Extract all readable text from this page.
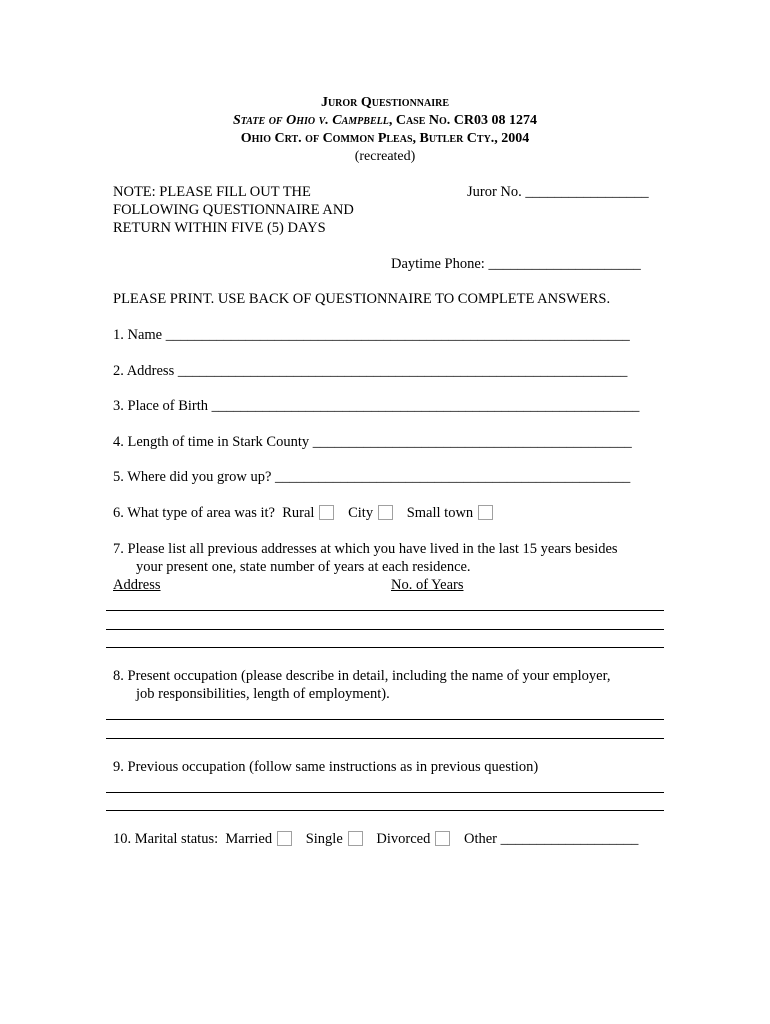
Juror Questionnaire
State of Ohio v. Campbell, Case No. CR03 08 1274
Ohio Crt. of Common Pleas, Butler Cty., 2004
(recreated)
NOTE: PLEASE FILL OUT THE
FOLLOWING QUESTIONNAIRE AND
RETURN WITHIN FIVE (5) DAYS
Juror No. _________________
Daytime Phone: _____________________
PLEASE PRINT. USE BACK OF QUESTIONNAIRE TO COMPLETE ANSWERS.
1. Name ________________________________________________________________
2. Address ______________________________________________________________
3. Place of Birth ___________________________________________________________
4. Length of time in Stark County ____________________________________________
5. Where did you grow up? _________________________________________________
6. What type of area was it? Rural City Small town
7. Please list all previous addresses at which you have lived in the last 15 years besides
your present one, state number of years at each residence.
Address	No. of Years
8. Present occupation (please describe in detail, including the name of your employer,
job responsibilities, length of employment).
9. Previous occupation (follow same instructions as in previous question)
10. Marital status: Married Single Divorced Other ___________________
